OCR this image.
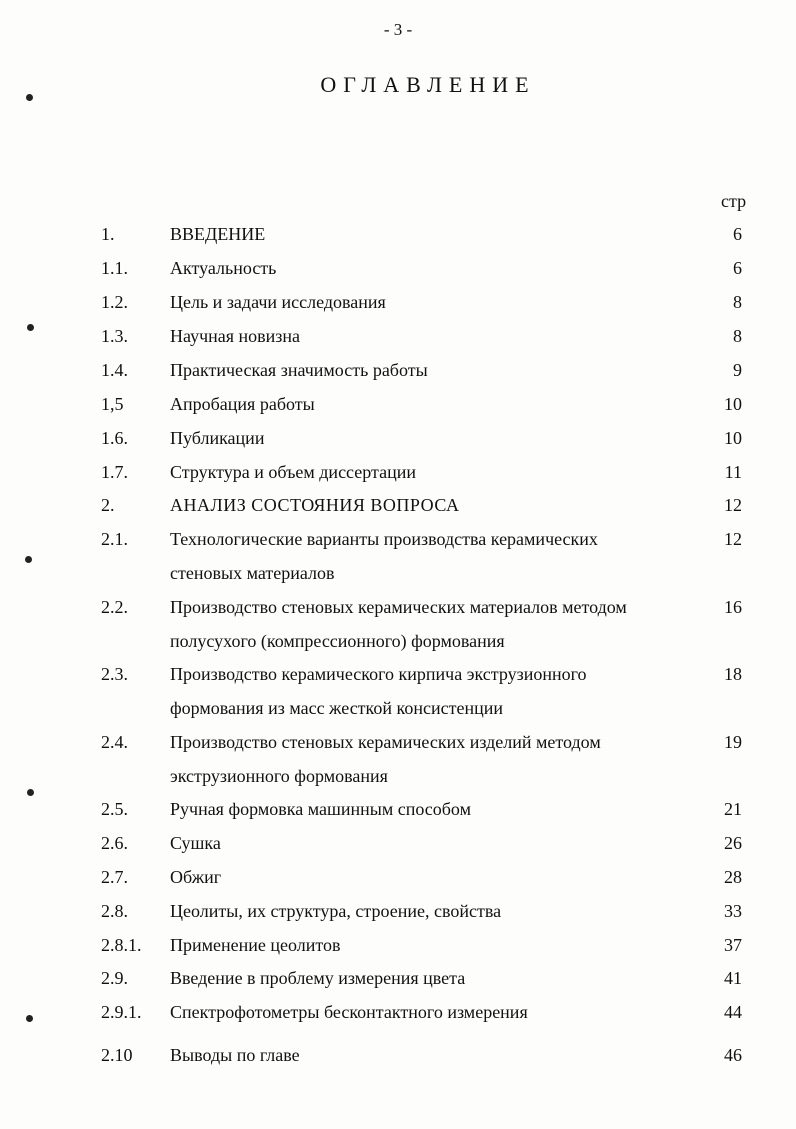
- 3 -
ОГЛАВЛЕНИЕ
стр
1.	ВВЕДЕНИЕ	6
1.1. Актуальность	6
1.2. Цель и задачи исследования	8
1.3. Научная новизна	8
1.4. Практическая значимость работы	9
1,5	Апробация работы	10
1.6. Публикации	10
1.7. Структура и объем диссертации	11
2.	АНАЛИЗ СОСТОЯНИЯ ВОПРОСА	12
2.1. Технологические варианты производства керамических	12
стеновых материалов
2.2. Производство стеновых керамических материалов методом	16
полусухого (компрессионного) формования
2.3. Производство керамического кирпича экструзионного	18
формования из масс жесткой консистенции
2.4. Производство стеновых керамических изделий методом	19
экструзионного формования
2.5. Ручная формовка машинным способом	21
2.6. Сушка	26
2.7. Обжиг	28
2.8. Цеолиты, их структура, строение, свойства	33
2.8.1. Применение цеолитов	37
2.9. Введение в проблему измерения цвета	41
2.9.1. Спектрофотометры бесконтактного измерения	44
2.10 Выводы по главе	46
